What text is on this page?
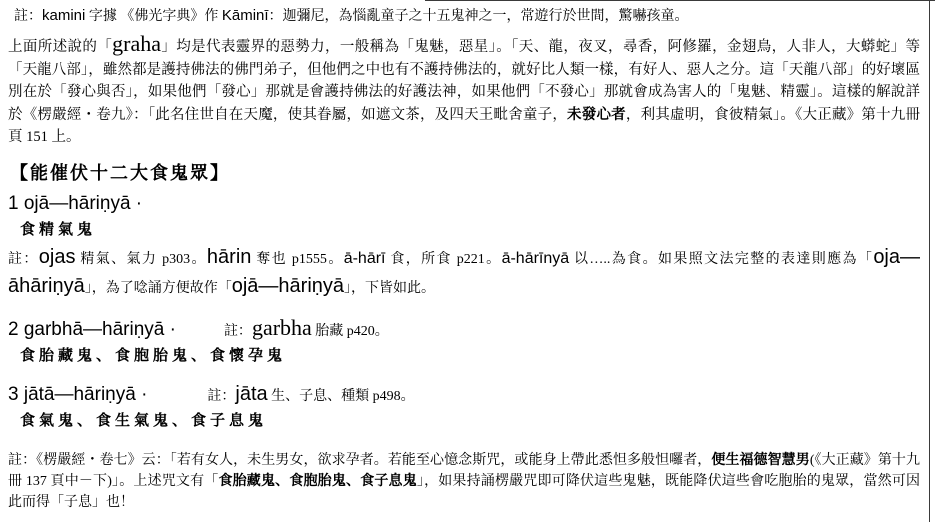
註：kamini 字據 《佛光字典》作 Kāminī：迦彌尼，為惱亂童子之十五鬼神之一，常遊行於世間，驚嚇孩童。

上面所述說的「graha」均是代表靈界的惡勢力，一般稱為「鬼魅，惡星」。「天、龍，夜叉，尋香，阿修羅，金翅鳥，人非人，大蟒蛇」等「天龍八部」，雖然都是護持佛法的佛門弟子，但他們之中也有不護持佛法的，就好比人類一樣，有好人、惡人之分。這「天龍八部」的好壞區別在於「發心與否」，如果他們「發心」那就是會護持佛法的好護法神，如果他們「不發心」那就會成為害人的「鬼魅、精靈」。這樣的解說詳於《楞嚴經・卷九》：「此名住世自在天魔，使其眷屬，如遮文茶，及四天王毗舍童子，未發心者，利其虛明，食彼精氣」。《大正藏》第十九冊頁 151 上。

【能催伏十二大食鬼眾】
1 ojā—hāriṇyā ·
食精氣鬼

註：ojas 精氣、氣力 p303。hārin 奪也 p1555。ā-hārī 食，所食 p221。ā-hārīnyā 以…..為食。如果照文法完整的表達則應為「oja—āhāriṇyā」，為了唸誦方便故作「ojā—hāriṇyā」，下皆如此。

2 garbhā—hāriṇyā ·	註：garbha 胎藏 p420。
食胎藏鬼、食胞胎鬼、食懷孕鬼
3 jātā—hāriṇyā ·	註：jāta 生、子息、種類 p498。
食氣鬼、食生氣鬼、食子息鬼

註：《楞嚴經・卷七》云：「若有女人，未生男女，欲求孕者。若能至心憶念斯咒，或能身上帶此悉怛多般怛囉者，便生福德智慧男(《大正藏》第十九冊 137 頁中－下)」。上述咒文有「食胎藏鬼、食胞胎鬼、食子息鬼」，如果持誦楞嚴咒即可降伏這些鬼魅，既能降伏這些會吃胞胎的鬼眾，當然可因此而得「子息」也！
